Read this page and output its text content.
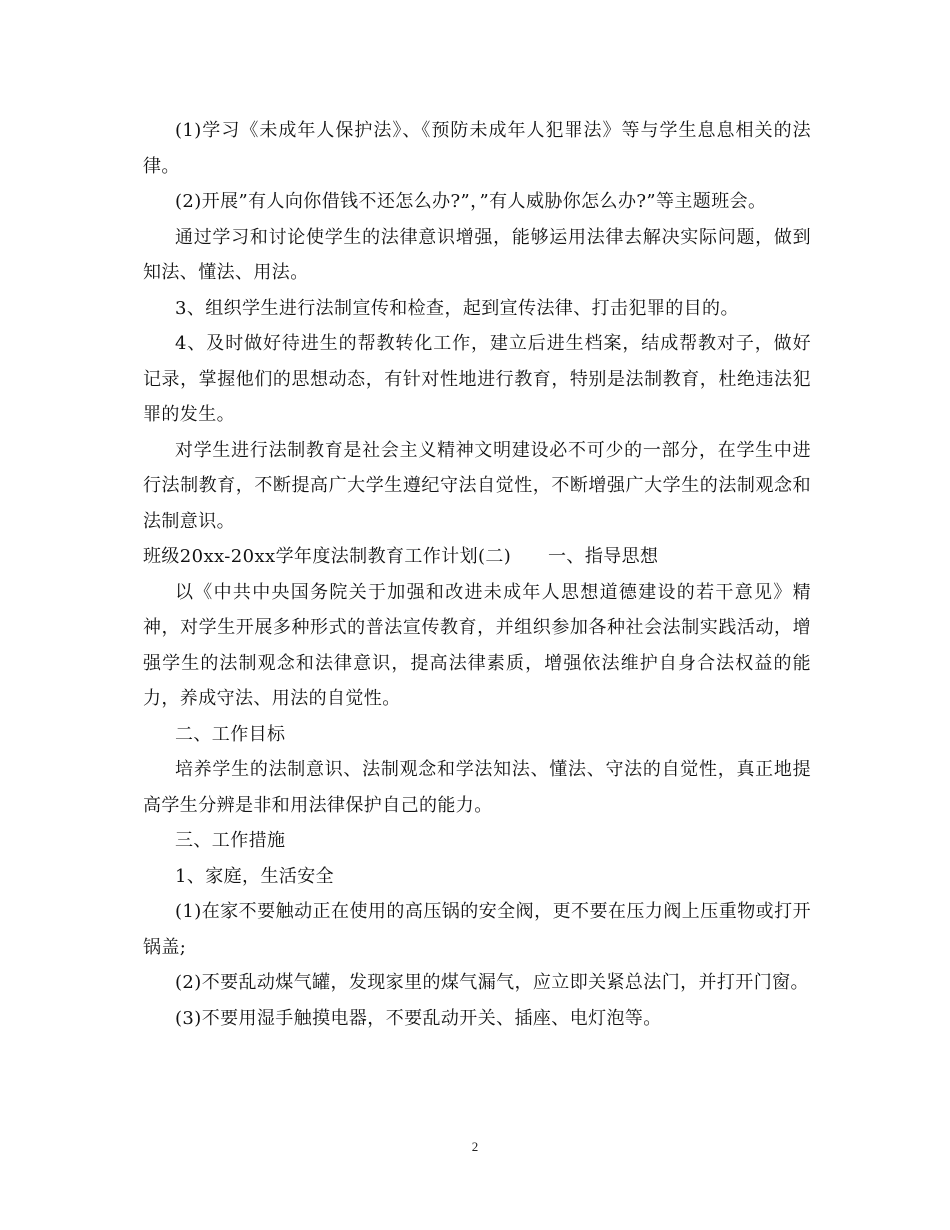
(1)学习《未成年人保护法》、《预防未成年人犯罪法》等与学生息息相关的法律。

(2)开展”有人向你借钱不还怎么办?”，”有人威胁你怎么办?”等主题班会。

通过学习和讨论使学生的法律意识增强，能够运用法律去解决实际问题，做到知法、懂法、用法。

3、组织学生进行法制宣传和检查，起到宣传法律、打击犯罪的目的。

4、及时做好待进生的帮教转化工作，建立后进生档案，结成帮教对子，做好记录，掌握他们的思想动态，有针对性地进行教育，特别是法制教育，杜绝违法犯罪的发生。

对学生进行法制教育是社会主义精神文明建设必不可少的一部分，在学生中进行法制教育，不断提高广大学生遵纪守法自觉性，不断增强广大学生的法制观念和法制意识。

班级20xx-20xx学年度法制教育工作计划(二)　　一、指导思想

以《中共中央国务院关于加强和改进未成年人思想道德建设的若干意见》精神，对学生开展多种形式的普法宣传教育，并组织参加各种社会法制实践活动，增强学生的法制观念和法律意识，提高法律素质，增强依法维护自身合法权益的能力，养成守法、用法的自觉性。

二、工作目标

培养学生的法制意识、法制观念和学法知法、懂法、守法的自觉性，真正地提高学生分辨是非和用法律保护自己的能力。

三、工作措施

1、家庭，生活安全

(1)在家不要触动正在使用的高压锅的安全阀，更不要在压力阀上压重物或打开锅盖;

(2)不要乱动煤气罐，发现家里的煤气漏气，应立即关紧总法门，并打开门窗。

(3)不要用湿手触摸电器，不要乱动开关、插座、电灯泡等。

2
